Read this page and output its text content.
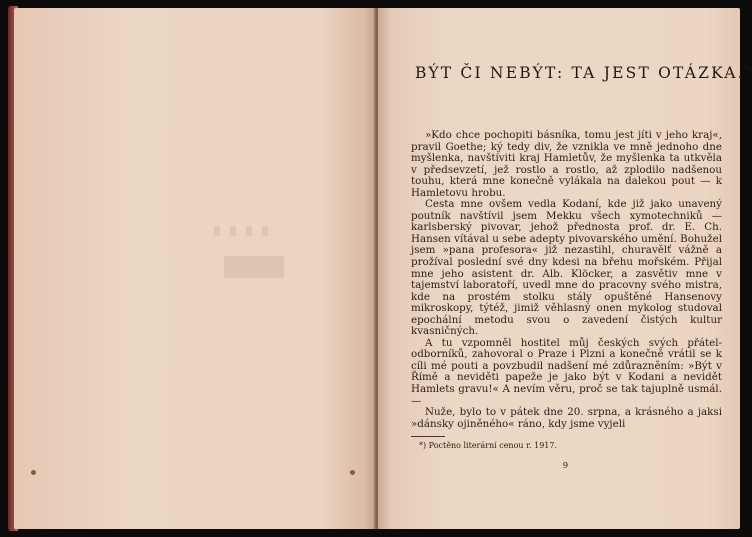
BÝT ČI NEBÝT: TA JEST OTÁZKA.*)

»Kdo chce pochopiti básníka, tomu jest jíti v jeho kraj«, pravil Goethe; ký tedy div, že vznikla ve mně jednoho dne myšlenka, navštíviti kraj Hamletův, že myšlenka ta utkvěla v předsevzetí, jež rostlo a rostlo, až zplodilo nadšenou touhu, která mne konečně vylákala na dalekou pout — k Hamletovu hrobu.

Cesta mne ovšem vedla Kodaní, kde již jako unavený poutník navštívil jsem Mekku všech xymotechniků — karlsberský pivovar, jehož přednosta prof. dr. E. Ch. Hansen vítával u sebe adepty pivovarského umění. Bohužel jsem »pana profesora« již nezastihl, churavělť vážně a prožíval poslední své dny kdesi na břehu mořském. Přijal mne jeho asistent dr. Alb. Klöcker, a zasvětiv mne v tajemství laboratoří, uvedl mne do pracovny svého mistra, kde na prostém stolku stály opuštěné Hansenovy mikroskopy, týtéž, jimiž věhlasný onen mykolog studoval epochální metodu svou o zavedení čistých kultur kvasničných.

A tu vzpomněl hostitel můj českých svých přátel-odborníků, zahovoral o Praze i Plzni a konečně vrátil se k cíli mé pouti a povzbudil nadšení mé zdůrazněním: »Být v Římě a neviděti papeže je jako být v Kodani a nevidět Hamlets gravu!« A nevím věru, proč se tak tajuplně usmál. —

Nuže, bylo to v pátek dne 20. srpna, a krásného a jaksi »dánsky ojiněného« ráno, kdy jsme vyjeli

*) Poctěno literární cenou r. 1917.
9
